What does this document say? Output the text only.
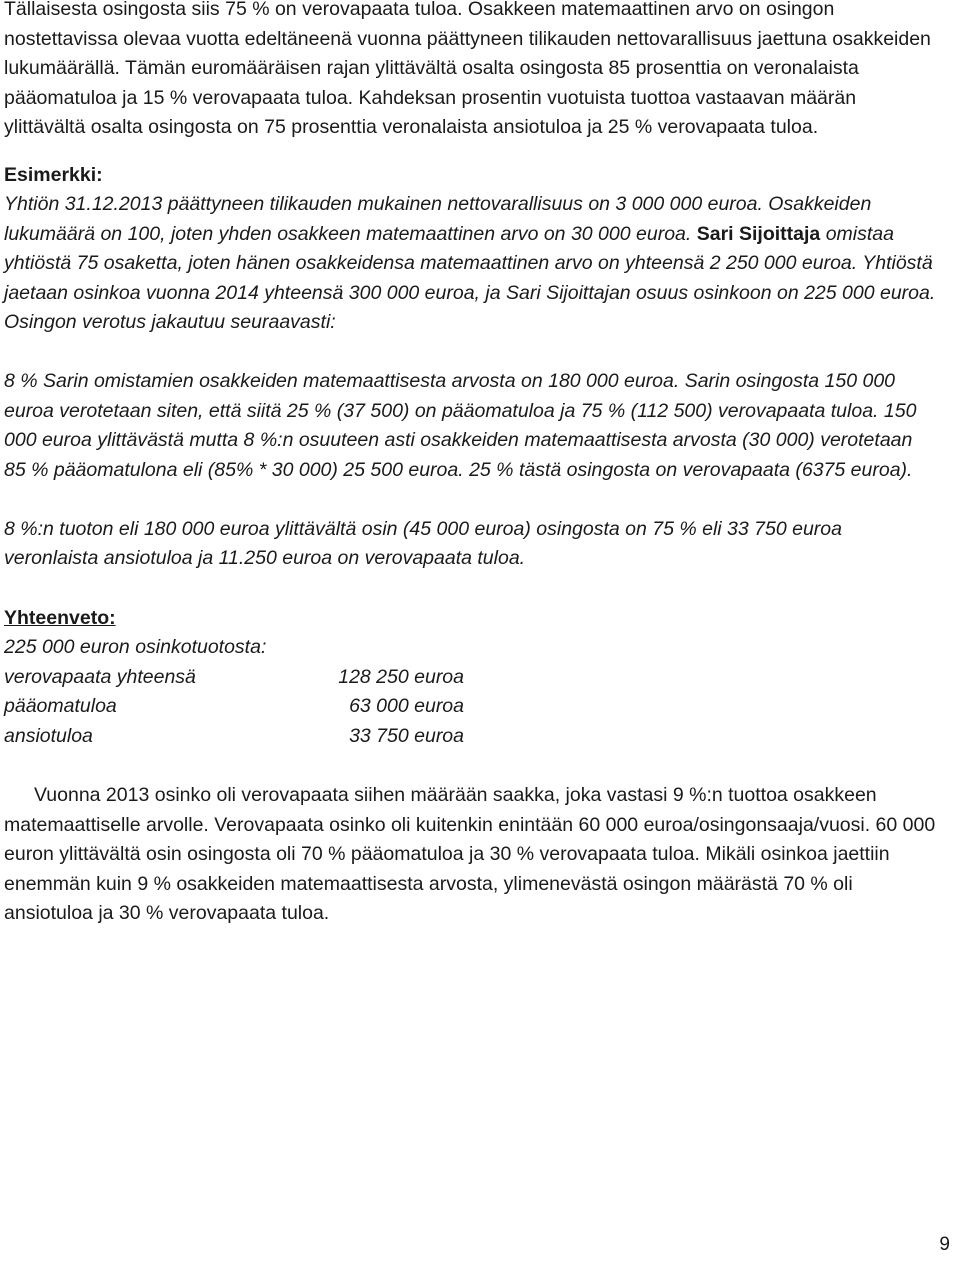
Tällaisesta osingosta siis 75 % on verovapaata tuloa. Osakkeen matemaattinen arvo on osingon nostettavissa olevaa vuotta edeltäneenä vuonna päättyneen tilikauden nettovarallisuus jaettuna osakkeiden lukumäärällä. Tämän euromääräisen rajan ylittävältä osalta osingosta 85 prosenttia on veronalaista pääomatuloa ja 15 % verovapaata tuloa. Kahdeksan prosentin vuotuista tuottoa vastaavan määrän ylittävältä osalta osingosta on 75 prosenttia veronalaista ansiotuloa ja 25 % verovapaata tuloa.

Esimerkki:

Yhtiön 31.12.2013 päättyneen tilikauden mukainen nettovarallisuus on 3 000 000 euroa. Osakkeiden lukumäärä on 100, joten yhden osakkeen matemaattinen arvo on 30 000 euroa. Sari Sijoittaja omistaa yhtiöstä 75 osaketta, joten hänen osakkeidensa matemaattinen arvo on yhteensä 2 250 000 euroa. Yhtiöstä jaetaan osinkoa vuonna 2014 yhteensä 300 000 euroa, ja Sari Sijoittajan osuus osinkoon on 225 000 euroa. Osingon verotus jakautuu seuraavasti:

8 % Sarin omistamien osakkeiden matemaattisesta arvosta on 180 000 euroa. Sarin osingosta 150 000 euroa verotetaan siten, että siitä 25 % (37 500) on pääomatuloa ja 75 % (112 500) verovapaata tuloa. 150 000 euroa ylittävästä mutta 8 %:n osuuteen asti osakkeiden matemaattisesta arvosta (30 000) verotetaan 85 % pääomatulona eli (85% * 30 000) 25 500 euroa. 25 % tästä osingosta on verovapaata (6375 euroa).

8 %:n tuoton eli 180 000 euroa ylittävältä osin (45 000 euroa) osingosta on 75 % eli 33 750 euroa veronlaista ansiotuloa ja 11.250 euroa on verovapaata tuloa.

Yhteenveto:

225 000 euron osinkotuotosta:

verovapaata yhteensä	128 250 euroa
pääomatuloa	63 000 euroa
ansiotuloa	33 750 euroa

Vuonna 2013 osinko oli verovapaata siihen määrään saakka, joka vastasi 9 %:n tuottoa osakkeen matemaattiselle arvolle. Verovapaata osinko oli kuitenkin enintään 60 000 euroa/osingonsaaja/vuosi. 60 000 euron ylittävältä osin osingosta oli 70 % pääomatuloa ja 30 % verovapaata tuloa. Mikäli osinkoa jaettiin enemmän kuin 9 % osakkeiden matemaattisesta arvosta, ylimenevästä osingon määrästä 70 % oli ansiotuloa ja 30 % verovapaata tuloa.

9
